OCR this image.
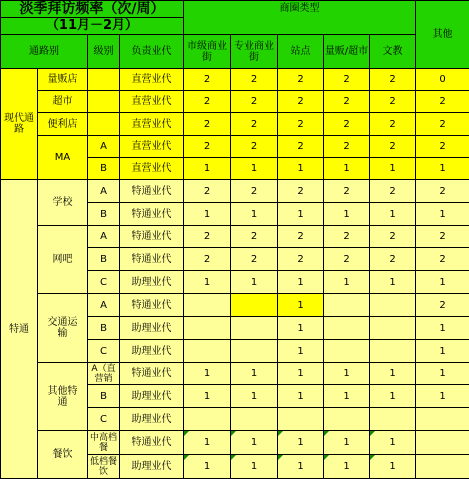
淡季拜访频率（次/周）				商圈类型					其他
（11月－2月）									
通路别		级别	负责业代	市级商业街	专业商业街	站点	量贩/超市	文教	

现代通路	量贩店		直营业代	2	2	2	2	2	0
	超市		直营业代	2	2	2	2	2	2
	便利店		直营业代	2	2	2	2	2	2
	MA	A	直营业代	2	2	2	2	2	2
		B	直营业代	1	1	1	1	1	1
特通	学校	A	特通业代	2	2	2	2	2	2
		B	特通业代	1	1	1	1	1	1
	网吧	A	特通业代	2	2	2	2	2	2
		B	特通业代	2	2	2	2	2	2
		C	助理业代	1	1	1	1	1	1

	交通运输	A	特通业代			1			2
		B	助理业代			1			1
		C	助理业代			1			1

	其他特通	A（直营销	特通业代	1	1	1	1	1	1
		B	助理业代	1	1	1	1	1	1
		C	助理业代						
	餐饮	中高档餐	特通业代	1	1	1	1	1	
		低档餐饮	助理业代	1	1	1	1	1	
